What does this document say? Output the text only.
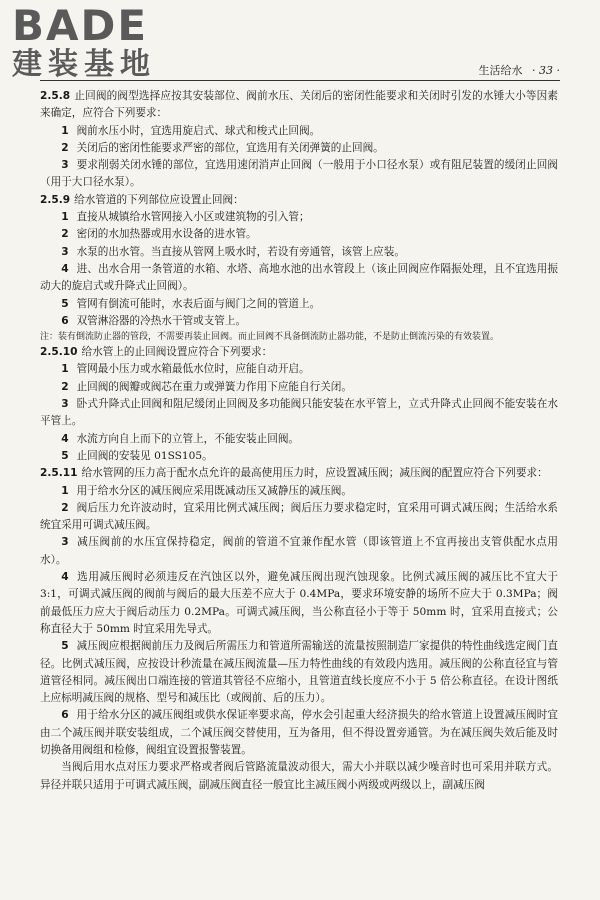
BADE
建装基地	生活给水 · 33 ·

2.5.8 止回阀的阀型选择应按其安装部位、阀前水压、关闭后的密闭性能要求和关闭时引发的水锤大小等因素来确定，应符合下列要求：

1 阀前水压小时，宜选用旋启式、球式和梭式止回阀。

2 关闭后的密闭性能要求严密的部位，宜选用有关闭弹簧的止回阀。

3 要求削弱关闭水锤的部位，宜选用速闭消声止回阀（一般用于小口径水泵）或有阻尼装置的缓闭止回阀（用于大口径水泵）。

2.5.9 给水管道的下列部位应设置止回阀：

1 直接从城镇给水管网接入小区或建筑物的引入管；

2 密闭的水加热器或用水设备的进水管。

3 水泵的出水管。当直接从管网上吸水时，若设有旁通管，该管上应装。

4 进、出水合用一条管道的水箱、水塔、高地水池的出水管段上（该止回阀应作隔振处理，且不宜选用振动大的旋启式或升降式止回阀）。

5 管网有倒流可能时，水表后面与阀门之间的管道上。

6 双管淋浴器的冷热水干管或支管上。

注：装有倒流防止器的管段，不需要再装止回阀。而止回阀不具备倒流防止器功能，不是防止倒流污染的有效装置。

2.5.10 给水管上的止回阀设置应符合下列要求：

1 管网最小压力或水箱最低水位时，应能自动开启。

2 止回阀的阀瓣或阀芯在重力或弹簧力作用下应能自行关闭。

3 卧式升降式止回阀和阻尼缓闭止回阀及多功能阀只能安装在水平管上，立式升降式止回阀不能安装在水平管上。

4 水流方向自上而下的立管上，不能安装止回阀。

5 止回阀的安装见 01SS105。

2.5.11 给水管网的压力高于配水点允许的最高使用压力时，应设置减压阀；减压阀的配置应符合下列要求：

1 用于给水分区的减压阀应采用既减动压又减静压的减压阀。

2 阀后压力允许波动时，宜采用比例式减压阀；阀后压力要求稳定时，宜采用可调式减压阀；生活给水系统宜采用可调式减压阀。

3 减压阀前的水压宜保持稳定，阀前的管道不宜兼作配水管（即该管道上不宜再接出支管供配水点用水）。

4 选用减压阀时必须违反在汽蚀区以外，避免减压阀出现汽蚀现象。比例式减压阀的减压比不宜大于 3:1，可调式减压阀的阀前与阀后的最大压差不应大于 0.4MPa，要求环境安静的场所不应大于 0.3MPa；阀前最低压力应大于阀后动压力 0.2MPa。可调式减压阀，当公称直径小于等于 50mm 时，宜采用直接式；公称直径大于 50mm 时宜采用先导式。

5 减压阀应根据阀前压力及阀后所需压力和管道所需输送的流量按照制造厂家提供的特性曲线选定阀门直径。比例式减压阀，应按设计秒流量在减压阀流量—压力特性曲线的有效段内选用。减压阀的公称直径宜与管道管径相同。减压阀出口端连接的管道其管径不应缩小，且管道直线长度应不小于 5 倍公称直径。在设计图纸上应标明减压阀的规格、型号和减压比（或阀前、后的压力）。

6 用于给水分区的减压阀组或供水保证率要求高，停水会引起重大经济损失的给水管道上设置减压阀时宜由二个减压阀并联安装组成，二个减压阀交替使用，互为备用，但不得设置旁通管。为在减压阀失效后能及时切换备用阀组和检修，阀组宜设置报警装置。

当阀后用水点对压力要求严格或者阀后管路流量波动很大，需大小并联以减少噪音时也可采用并联方式。异径并联只适用于可调式减压阀，副减压阀直径一般宜比主减压阀小两级或两级以上，副减压阀
